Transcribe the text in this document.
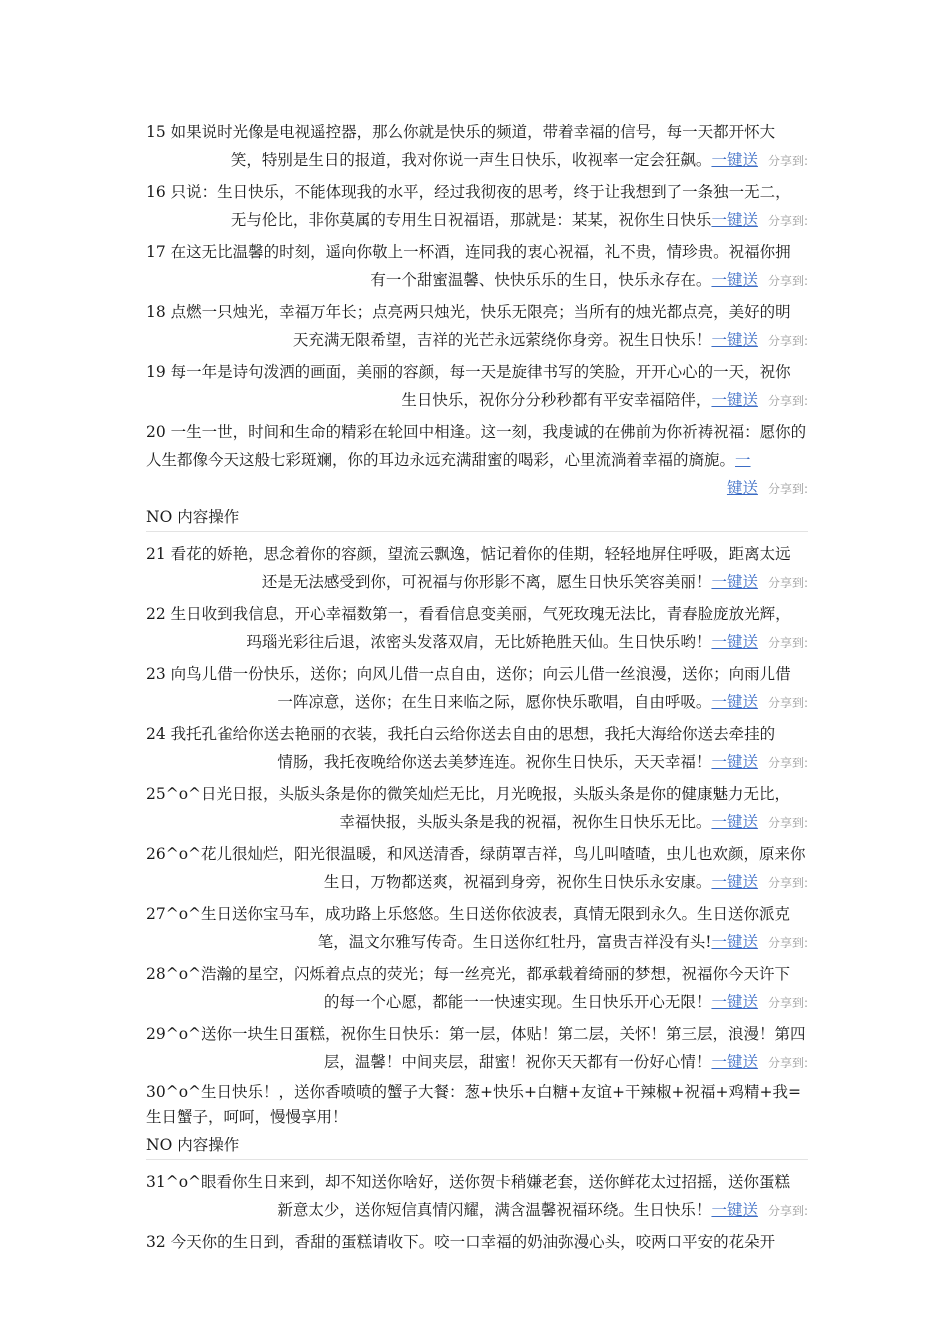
15 如果说时光像是电视遥控器，那么你就是快乐的频道，带着幸福的信号，每一天都开怀大
笑，特别是生日的报道，我对你说一声生日快乐，收视率一定会狂飙。一键送 分享到:
16 只说：生日快乐，不能体现我的水平，经过我彻夜的思考，终于让我想到了一条独一无二，
无与伦比，非你莫属的专用生日祝福语，那就是：某某，祝你生日快乐一键送 分享到:
17 在这无比温馨的时刻，遥向你敬上一杯酒，连同我的衷心祝福，礼不贵，情珍贵。祝福你拥
有一个甜蜜温馨、快快乐乐的生日，快乐永存在。一键送 分享到:
18 点燃一只烛光，幸福万年长；点亮两只烛光，快乐无限亮；当所有的烛光都点亮，美好的明
天充满无限希望，吉祥的光芒永远萦绕你身旁。祝生日快乐！一键送 分享到:
19 每一年是诗句泼洒的画面，美丽的容颜，每一天是旋律书写的笑脸，开开心心的一天，祝你
生日快乐，祝你分分秒秒都有平安幸福陪伴，一键送 分享到:
20 一生一世，时间和生命的精彩在轮回中相逢。这一刻，我虔诚的在佛前为你祈祷祝福：愿你的人生都像今天这般七彩斑斓，你的耳边永远充满甜蜜的喝彩，心里流淌着幸福的旖旎。一
键送 分享到:
NO 内容操作
21 看花的娇艳，思念着你的容颜，望流云飘逸，惦记着你的佳期，轻轻地屏住呼吸，距离太远
还是无法感受到你，可祝福与你形影不离，愿生日快乐笑容美丽！一键送 分享到:
22 生日收到我信息，开心幸福数第一，看看信息变美丽，气死玫瑰无法比，青春脸庞放光辉，
玛瑙光彩往后退，浓密头发落双肩，无比娇艳胜天仙。生日快乐哟！一键送 分享到:
23 向鸟儿借一份快乐，送你；向风儿借一点自由，送你；向云儿借一丝浪漫，送你；向雨儿借
一阵凉意，送你；在生日来临之际，愿你快乐歌唱，自由呼吸。一键送 分享到:
24 我托孔雀给你送去艳丽的衣装，我托白云给你送去自由的思想，我托大海给你送去牵挂的
情肠，我托夜晚给你送去美梦连连。祝你生日快乐，天天幸福！一键送 分享到:
25^o^日光日报，头版头条是你的微笑灿烂无比，月光晚报，头版头条是你的健康魅力无比，
幸福快报，头版头条是我的祝福，祝你生日快乐无比。一键送 分享到:
26^o^花儿很灿烂，阳光很温暖，和风送清香，绿荫罩吉祥，鸟儿叫喳喳，虫儿也欢颜，原来你
生日，万物都送爽，祝福到身旁，祝你生日快乐永安康。一键送 分享到:
27^o^生日送你宝马车，成功路上乐悠悠。生日送你依波表，真情无限到永久。生日送你派克
笔，温文尔雅写传奇。生日送你红牡丹，富贵吉祥没有头!一键送 分享到:
28^o^浩瀚的星空，闪烁着点点的荧光；每一丝亮光，都承载着绮丽的梦想，祝福你今天许下
的每一个心愿，都能一一快速实现。生日快乐开心无限！一键送 分享到:
29^o^送你一块生日蛋糕，祝你生日快乐：第一层，体贴！第二层，关怀！第三层，浪漫！第四
层，温馨！中间夹层，甜蜜！祝你天天都有一份好心情！一键送 分享到:
30^o^生日快乐！，送你香喷喷的蟹子大餐：葱+快乐+白糖+友谊+干辣椒+祝福+鸡精+我=生日蟹子，呵呵，慢慢享用！
NO 内容操作
31^o^眼看你生日来到，却不知送你啥好，送你贺卡稍嫌老套，送你鲜花太过招摇，送你蛋糕
新意太少，送你短信真情闪耀，满含温馨祝福环绕。生日快乐！一键送 分享到:
32 今天你的生日到，香甜的蛋糕请收下。咬一口幸福的奶油弥漫心头，咬两口平安的花朵开
